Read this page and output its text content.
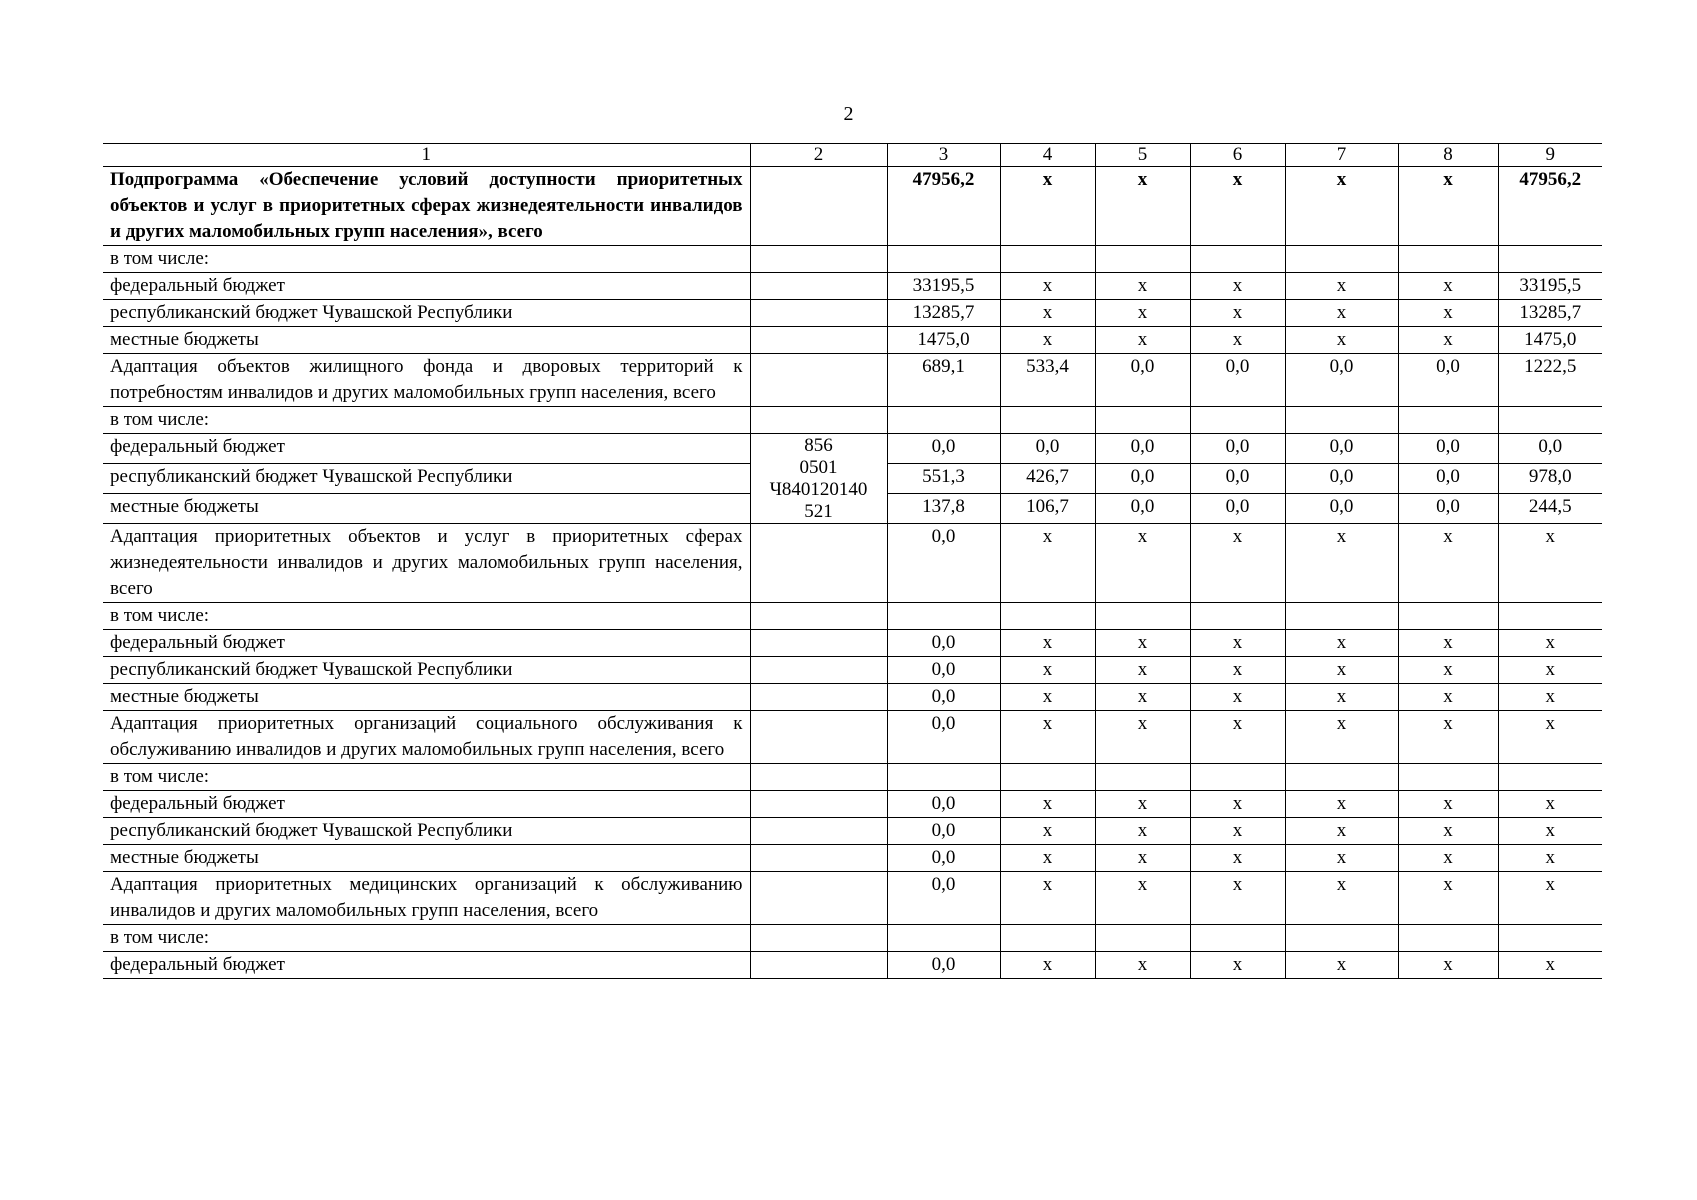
2
1	2	3	4	5	6	7	8	9
Подпрограмма «Обеспечение условий доступности приоритетных объектов и услуг в приоритетных сферах жизнедеятельности инвалидов и других маломобильных групп населения», всего		47956,2	x	x	x	x	x	47956,2
в том числе:								
федеральный бюджет		33195,5	x	x	x	x	x	33195,5
республиканский бюджет Чувашской Республики		13285,7	x	x	x	x	x	13285,7
местные бюджеты		1475,0	x	x	x	x	x	1475,0
Адаптация объектов жилищного фонда и дворовых территорий к потребностям инвалидов и других маломобильных групп населения, всего		689,1	533,4	0,0	0,0	0,0	0,0	1222,5
в том числе:								
федеральный бюджет	856
0501
Ч840120140
521	0,0	0,0	0,0	0,0	0,0	0,0	0,0
республиканский бюджет Чувашской Республики		551,3	426,7	0,0	0,0	0,0	0,0	978,0
местные бюджеты		137,8	106,7	0,0	0,0	0,0	0,0	244,5
Адаптация приоритетных объектов и услуг в приоритетных сферах жизнедеятельности инвалидов и других маломобильных групп населения, всего		0,0	x	x	x	x	x	x
в том числе:								
федеральный бюджет		0,0	x	x	x	x	x	x
республиканский бюджет Чувашской Республики		0,0	x	x	x	x	x	x
местные бюджеты		0,0	x	x	x	x	x	x
Адаптация приоритетных организаций социального обслуживания к обслуживанию инвалидов и других маломобильных групп населения, всего		0,0	x	x	x	x	x	x
в том числе:								
федеральный бюджет		0,0	x	x	x	x	x	x
республиканский бюджет Чувашской Республики		0,0	x	x	x	x	x	x
местные бюджеты		0,0	x	x	x	x	x	x
Адаптация приоритетных медицинских организаций к обслуживанию инвалидов и других маломобильных групп населения, всего		0,0	x	x	x	x	x	x
в том числе:								
федеральный бюджет		0,0	x	x	x	x	x	x
